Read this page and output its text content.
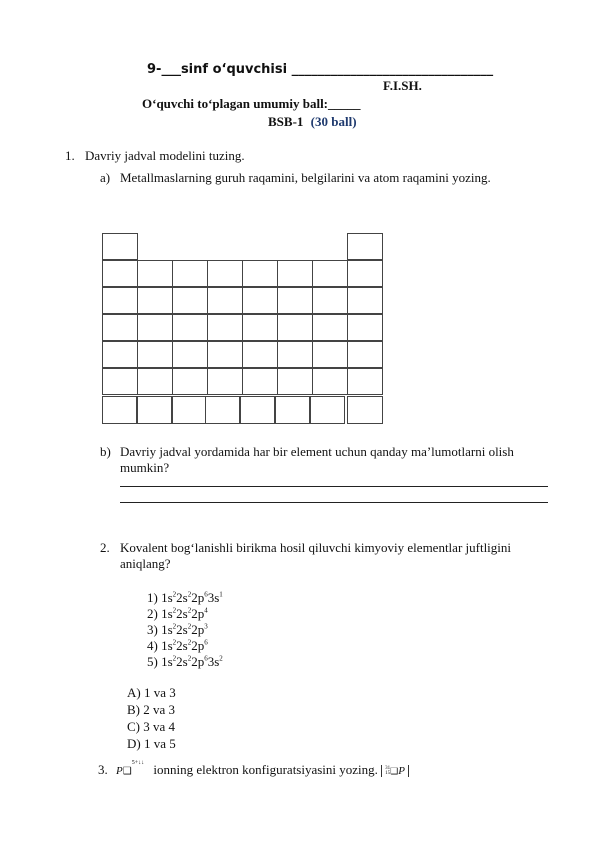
9-___sinf o‘quvchisi _______________________________
F.I.SH.
O‘quvchi to‘plagan umumiy ball:_____
BSB-1 (30 ball)
1. Davriy jadval modelini tuzing.
a) Metallmaslarning guruh raqamini, belgilarini va atom raqamini yozing.
b) Davriy jadval yordamida har bir element uchun qanday ma’lumotlarni olish
mumkin?
2. Kovalent bog‘lanishli birikma hosil qiluvchi kimyoviy elementlar juftligini
aniqlang?
1) $1s^22s^22p^63s^1$
2) $1s^22s^22p^4$
3) $1s^22s^22p^3$
4) $1s^22s^22p^6$
5) $1s^22s^22p^63s^2$
A) 1 va 3
B) 2 va 3
C) 3 va 4
D) 1 va 5
3. P❑$^{5+↓↓}$ ionning elektron konfiguratsiyasini yozing. 31
15❑P
